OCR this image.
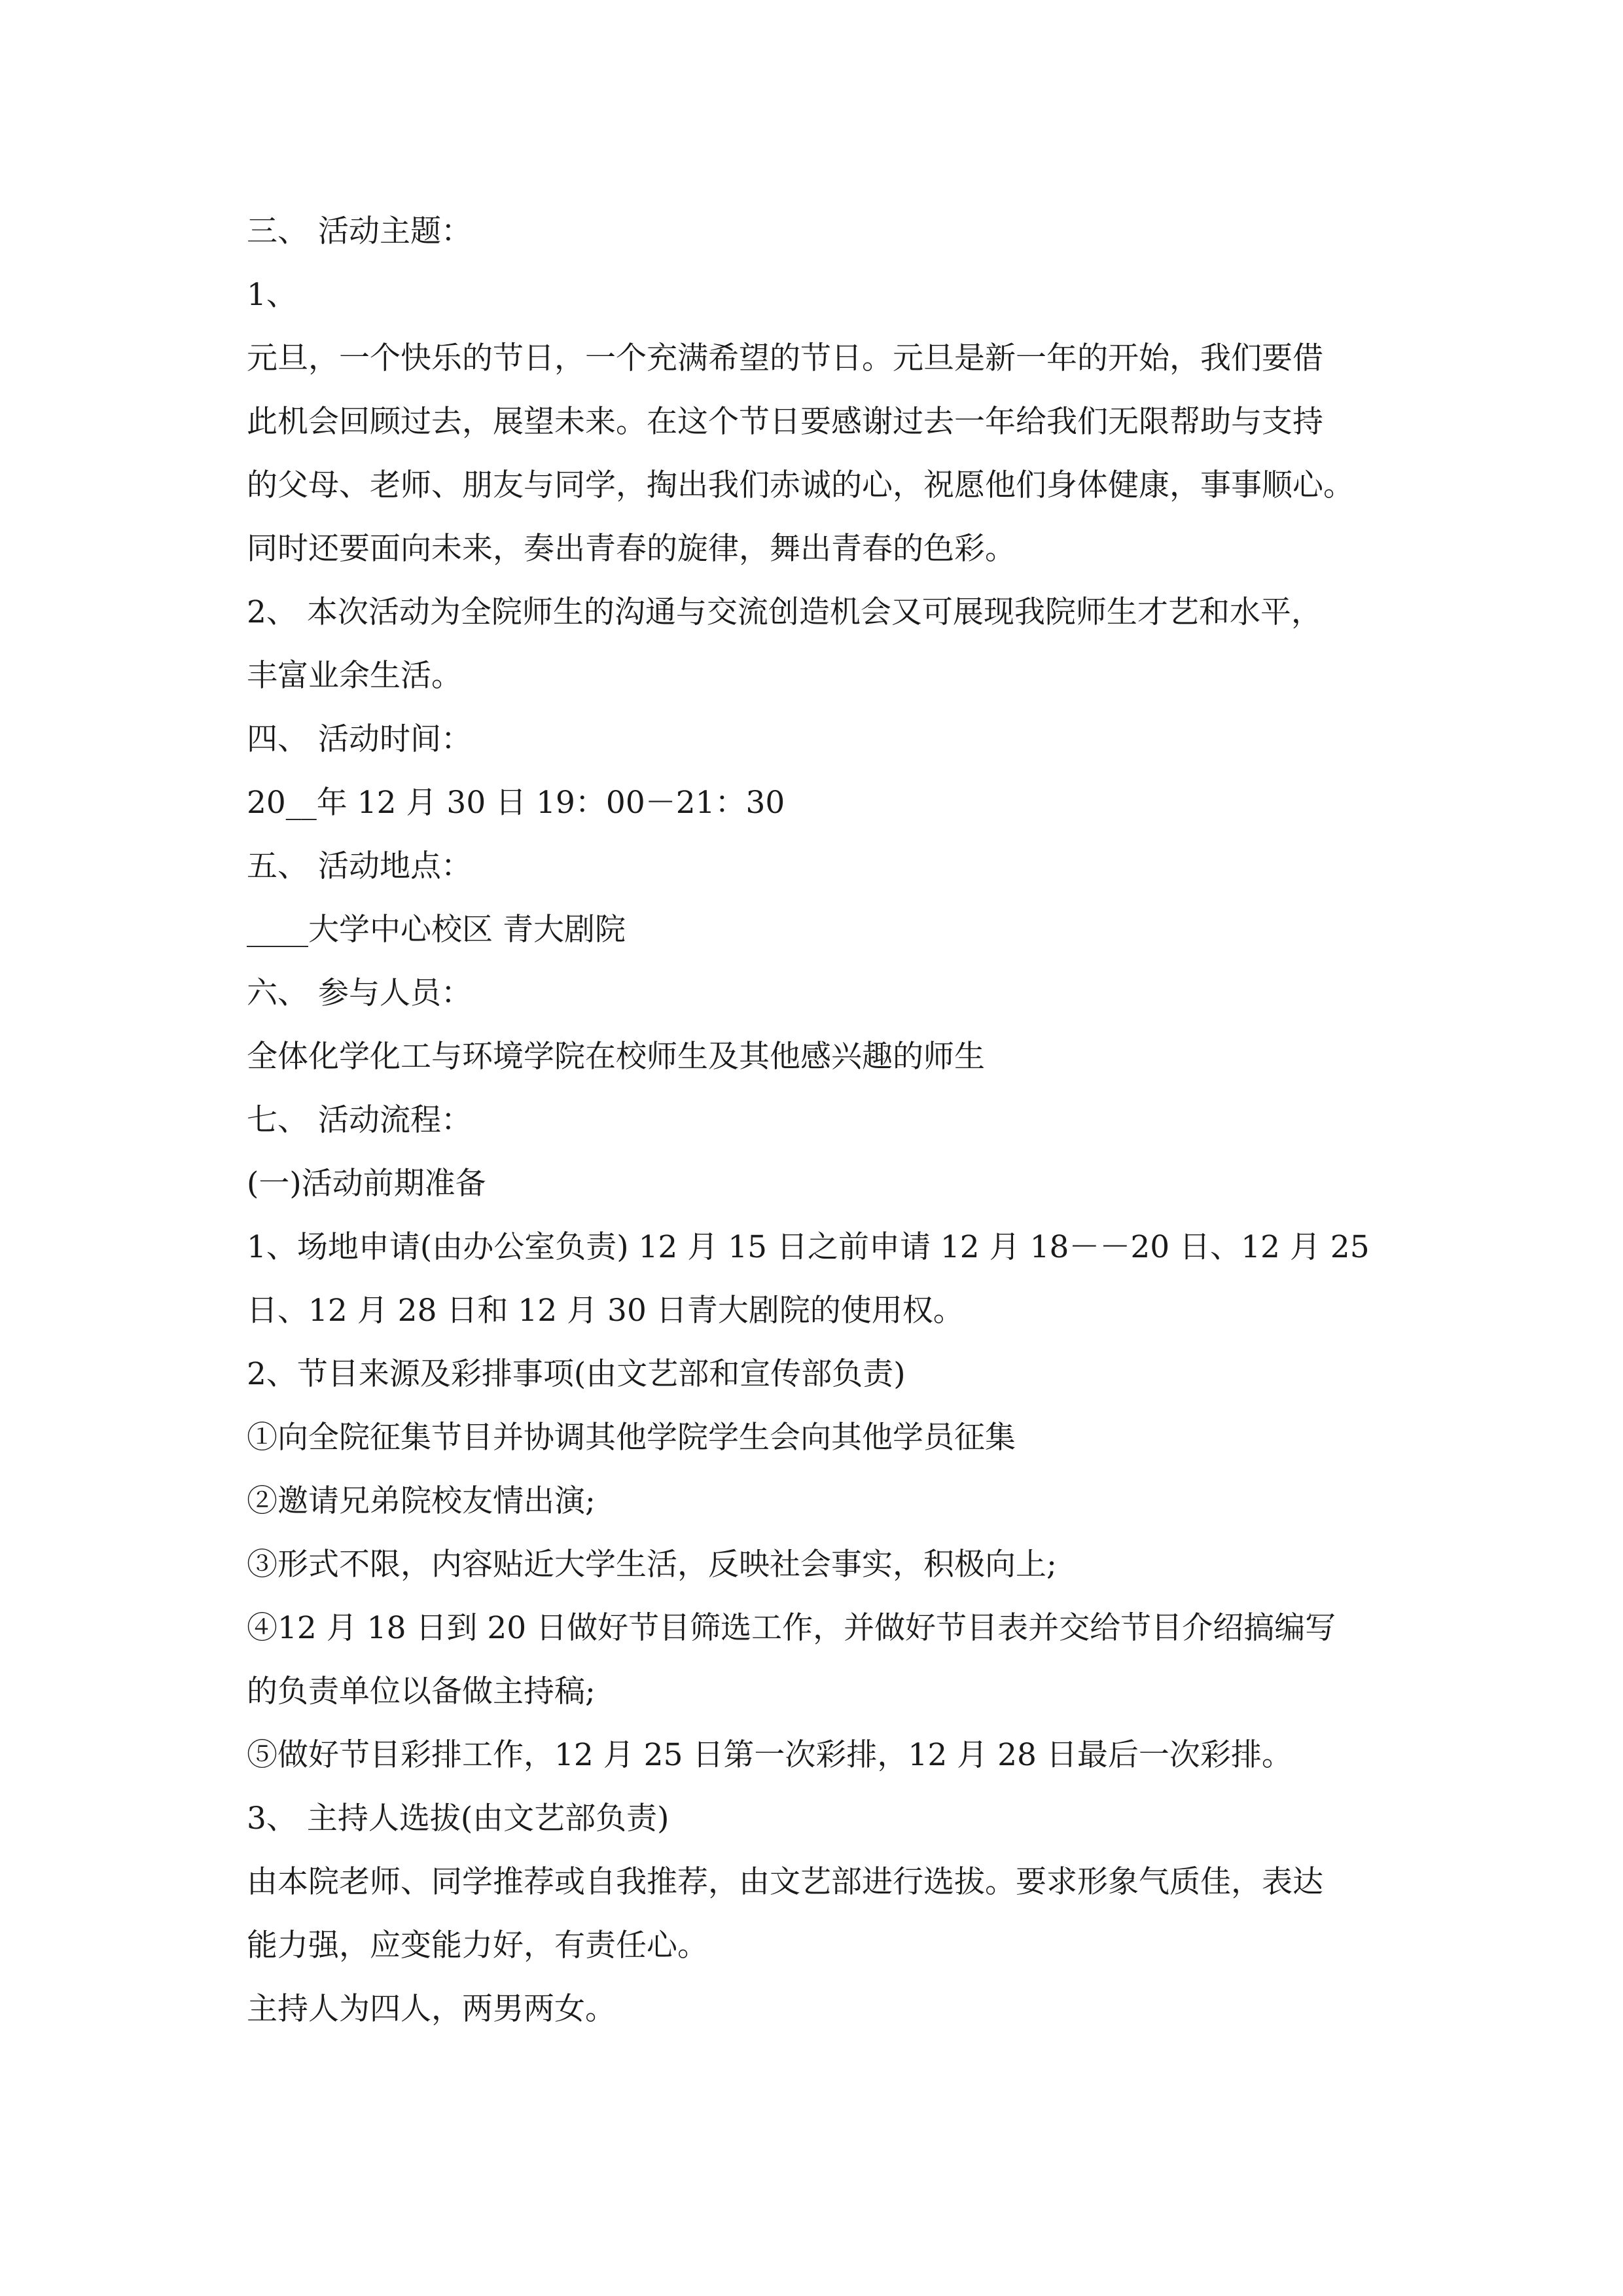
三、 活动主题：
1、
元旦，一个快乐的节日，一个充满希望的节日。元旦是新一年的开始，我们要借
此机会回顾过去，展望未来。在这个节日要感谢过去一年给我们无限帮助与支持
的父母、老师、朋友与同学，掏出我们赤诚的心，祝愿他们身体健康，事事顺心。
同时还要面向未来，奏出青春的旋律，舞出青春的色彩。
2、 本次活动为全院师生的沟通与交流创造机会又可展现我院师生才艺和水平，
丰富业余生活。
四、 活动时间：
20__年 12 月 30 日 19：00－21：30
五、 活动地点：
____大学中心校区 青大剧院
六、 参与人员：
全体化学化工与环境学院在校师生及其他感兴趣的师生
七、 活动流程：
(一)活动前期准备
1、场地申请(由办公室负责) 12 月 15 日之前申请 12 月 18－－20 日、12 月 25
日、12 月 28 日和 12 月 30 日青大剧院的使用权。
2、节目来源及彩排事项(由文艺部和宣传部负责)
①向全院征集节目并协调其他学院学生会向其他学员征集
②邀请兄弟院校友情出演;
③形式不限，内容贴近大学生活，反映社会事实，积极向上;
④12 月 18 日到 20 日做好节目筛选工作，并做好节目表并交给节目介绍搞编写
的负责单位以备做主持稿;
⑤做好节目彩排工作，12 月 25 日第一次彩排，12 月 28 日最后一次彩排。
3、 主持人选拔(由文艺部负责)
由本院老师、同学推荐或自我推荐，由文艺部进行选拔。要求形象气质佳，表达
能力强，应变能力好，有责任心。
主持人为四人，两男两女。
